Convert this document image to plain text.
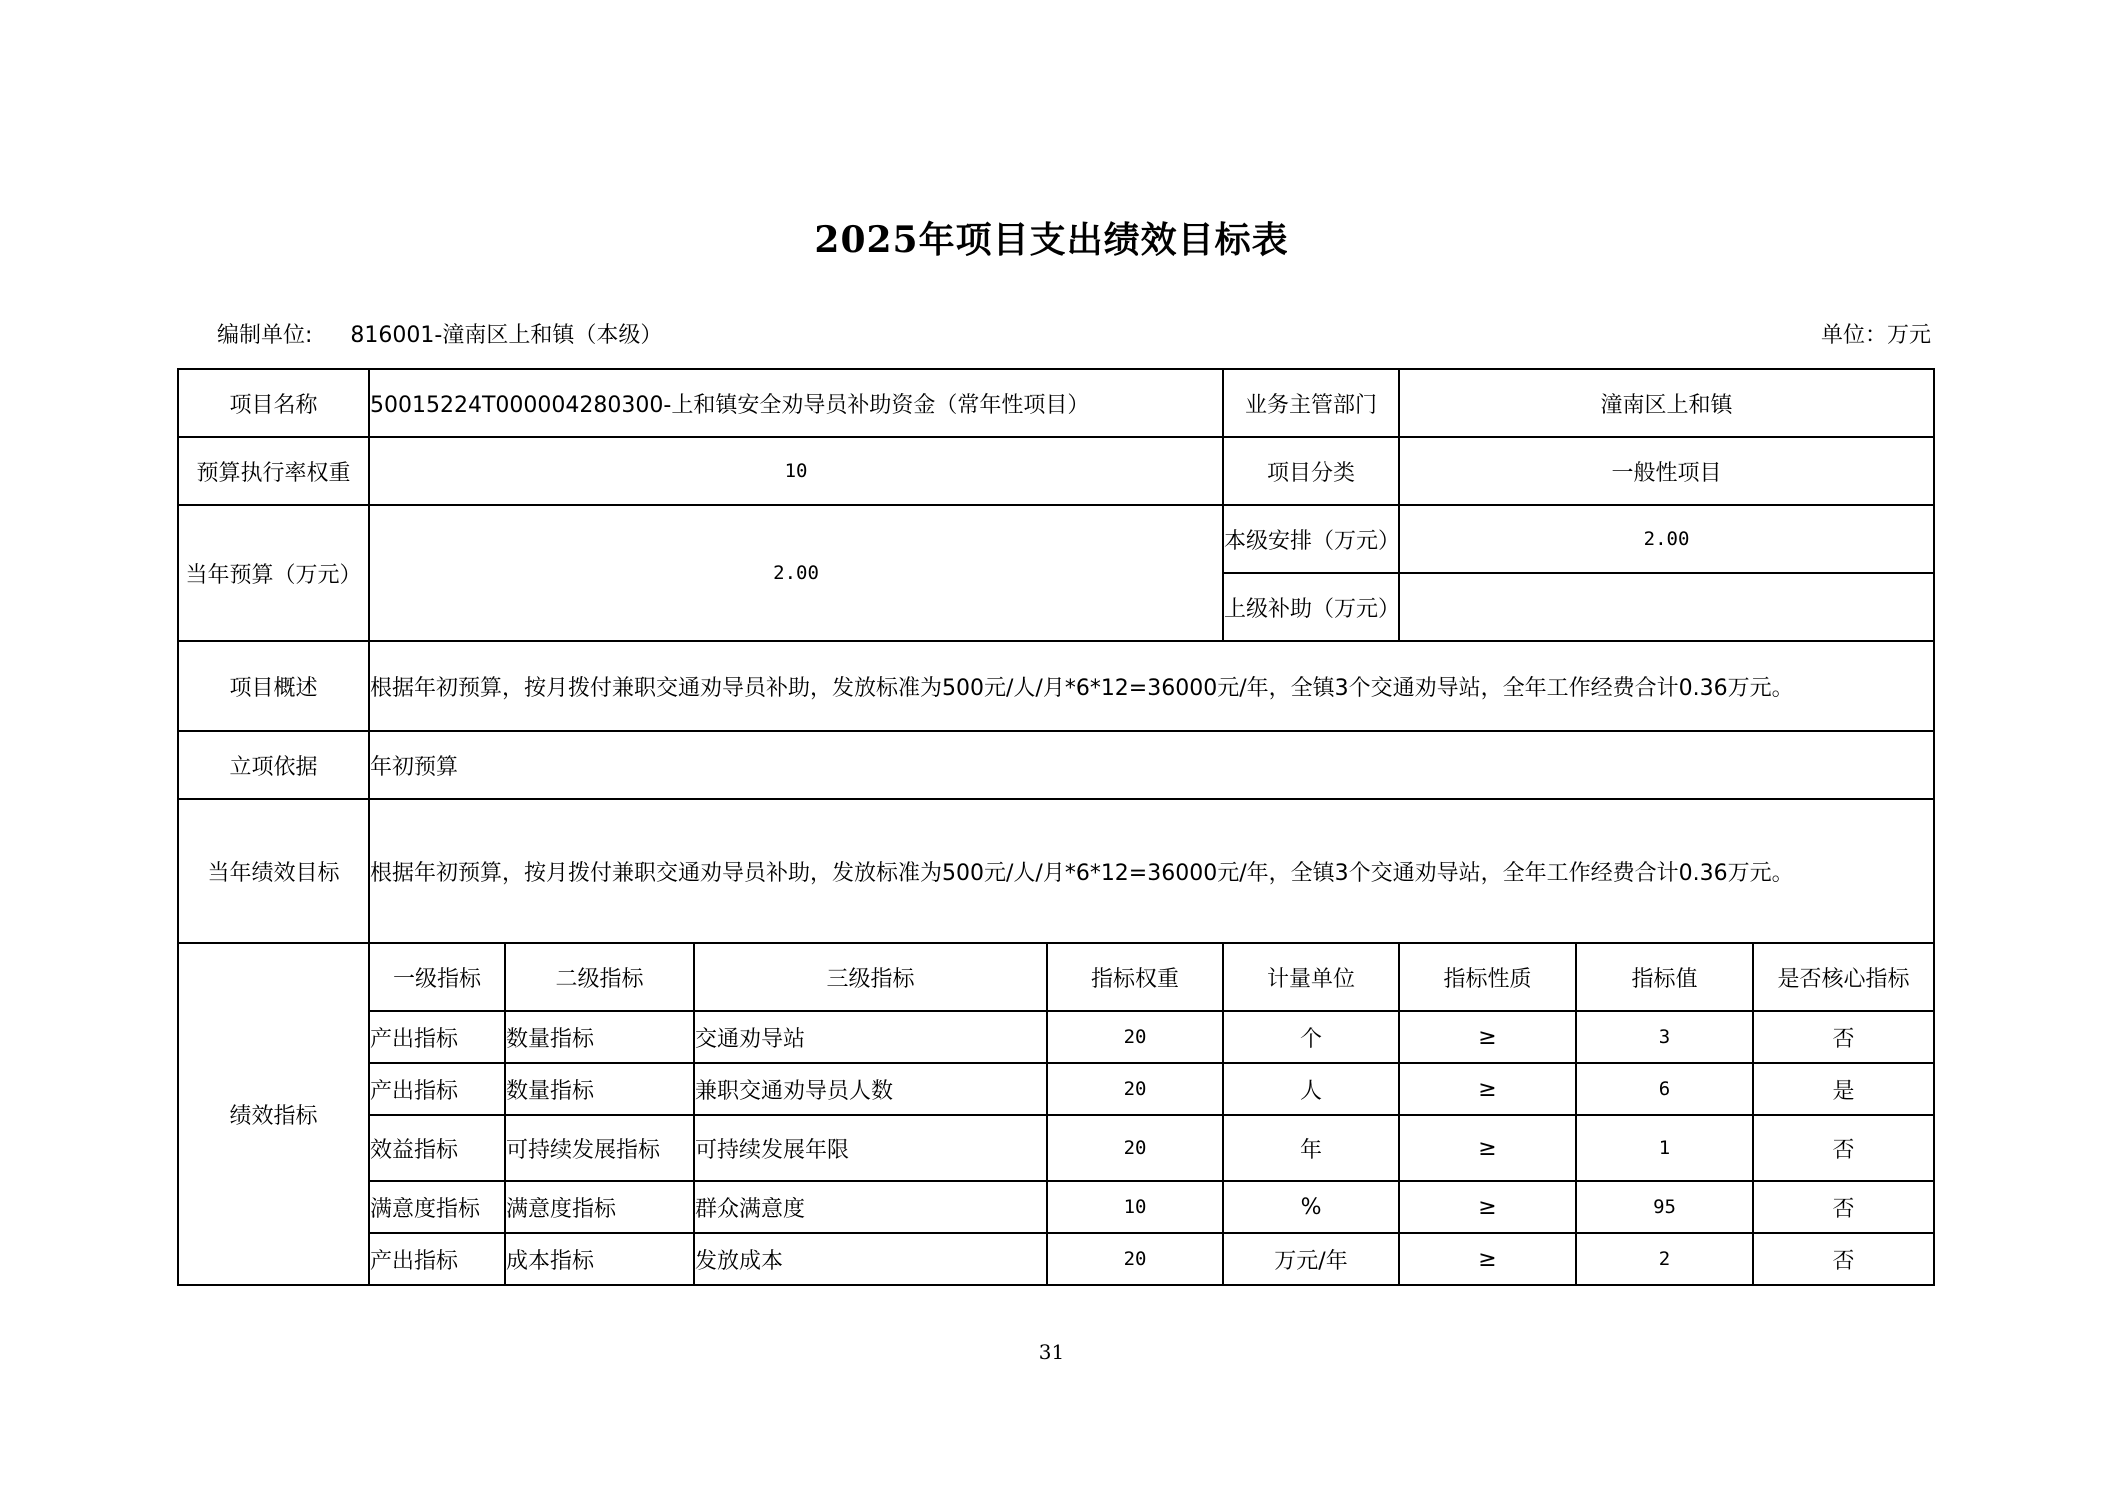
2025年项目支出绩效目标表
编制单位: 816001-潼南区上和镇（本级）	单位：万元
项目名称	50015224T000004280300-上和镇安全劝导员补助资金（常年性项目）				业务主管部门	潼南区上和镇		
预算执行率权重	10				项目分类	一般性项目		
当年预算（万元）	2.00				本级安排（万元）	2.00		
					上级补助（万元）			
项目概述	根据年初预算，按月拨付兼职交通劝导员补助，发放标准为500元/人/月*6*12=36000元/年，全镇3个交通劝导站，全年工作经费合计0.36万元。							
立项依据	年初预算							
当年绩效目标	根据年初预算，按月拨付兼职交通劝导员补助，发放标准为500元/人/月*6*12=36000元/年，全镇3个交通劝导站，全年工作经费合计0.36万元。							
绩效指标	一级指标	二级指标	三级指标	指标权重	计量单位	指标性质	指标值	是否核心指标
	产出指标	数量指标	交通劝导站	20	个	≥	3	否
	产出指标	数量指标	兼职交通劝导员人数	20	人	≥	6	是
	效益指标	可持续发展指标	可持续发展年限	20	年	≥	1	否
	满意度指标	满意度指标	群众满意度	10	%	≥	95	否
	产出指标	成本指标	发放成本	20	万元/年	≥	2	否
31
